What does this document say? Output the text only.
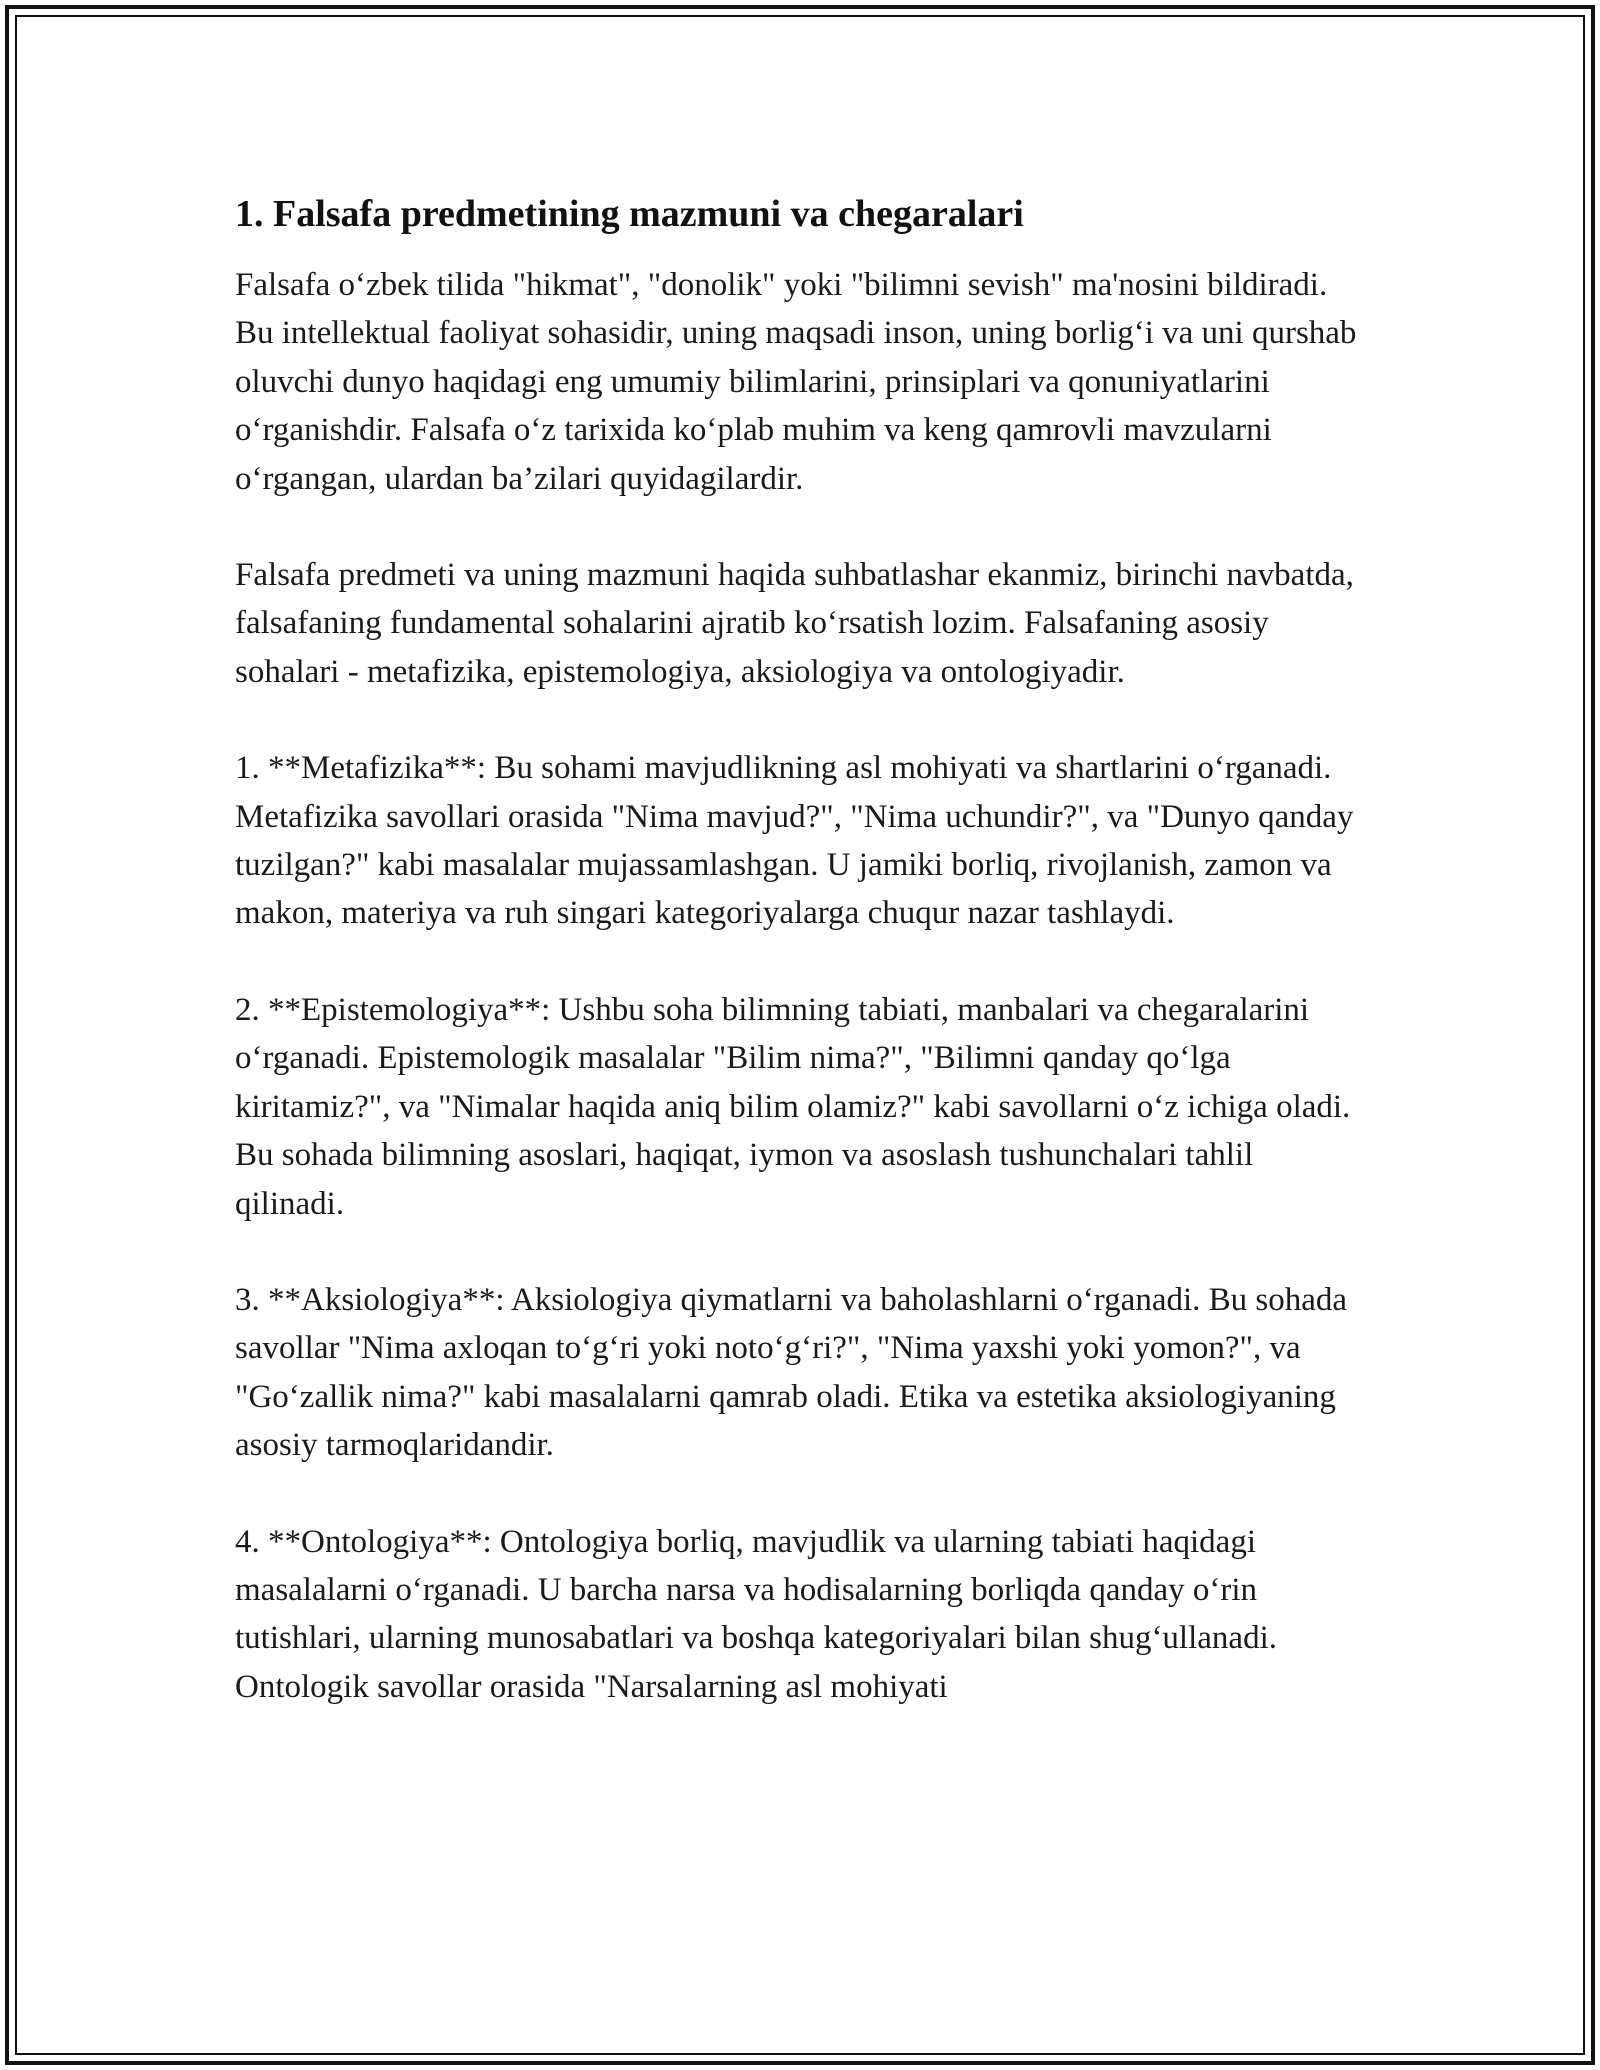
1. Falsafa predmetining mazmuni va chegaralari

Falsafa o‘zbek tilida "hikmat", "donolik" yoki "bilimni sevish" ma'nosini bildiradi. Bu intellektual faoliyat sohasidir, uning maqsadi inson, uning borlig‘i va uni qurshab oluvchi dunyo haqidagi eng umumiy bilimlarini, prinsiplari va qonuniyatlarini o‘rganishdir. Falsafa o‘z tarixida ko‘plab muhim va keng qamrovli mavzularni o‘rgangan, ulardan ba’zilari quyidagilardir.

Falsafa predmeti va uning mazmuni haqida suhbatlashar ekanmiz, birinchi navbatda, falsafaning fundamental sohalarini ajratib ko‘rsatish lozim. Falsafaning asosiy sohalari - metafizika, epistemologiya, aksiologiya va ontologiyadir.

1. **Metafizika**: Bu sohami mavjudlikning asl mohiyati va shartlarini o‘rganadi. Metafizika savollari orasida "Nima mavjud?", "Nima uchundir?", va "Dunyo qanday tuzilgan?" kabi masalalar mujassamlashgan. U jamiki borliq, rivojlanish, zamon va makon, materiya va ruh singari kategoriyalarga chuqur nazar tashlaydi.

2. **Epistemologiya**: Ushbu soha bilimning tabiati, manbalari va chegaralarini o‘rganadi. Epistemologik masalalar "Bilim nima?", "Bilimni qanday qo‘lga kiritamiz?", va "Nimalar haqida aniq bilim olamiz?" kabi savollarni o‘z ichiga oladi. Bu sohada bilimning asoslari, haqiqat, iymon va asoslash tushunchalari tahlil qilinadi.

3. **Aksiologiya**: Aksiologiya qiymatlarni va baholashlarni o‘rganadi. Bu sohada savollar "Nima axloqan to‘g‘ri yoki noto‘g‘ri?", "Nima yaxshi yoki yomon?", va "Go‘zallik nima?" kabi masalalarni qamrab oladi. Etika va estetika aksiologiyaning asosiy tarmoqlaridandir.

4. **Ontologiya**: Ontologiya borliq, mavjudlik va ularning tabiati haqidagi masalalarni o‘rganadi. U barcha narsa va hodisalarning borliqda qanday o‘rin tutishlari, ularning munosabatlari va boshqa kategoriyalari bilan shug‘ullanadi. Ontologik savollar orasida "Narsalarning asl mohiyati
